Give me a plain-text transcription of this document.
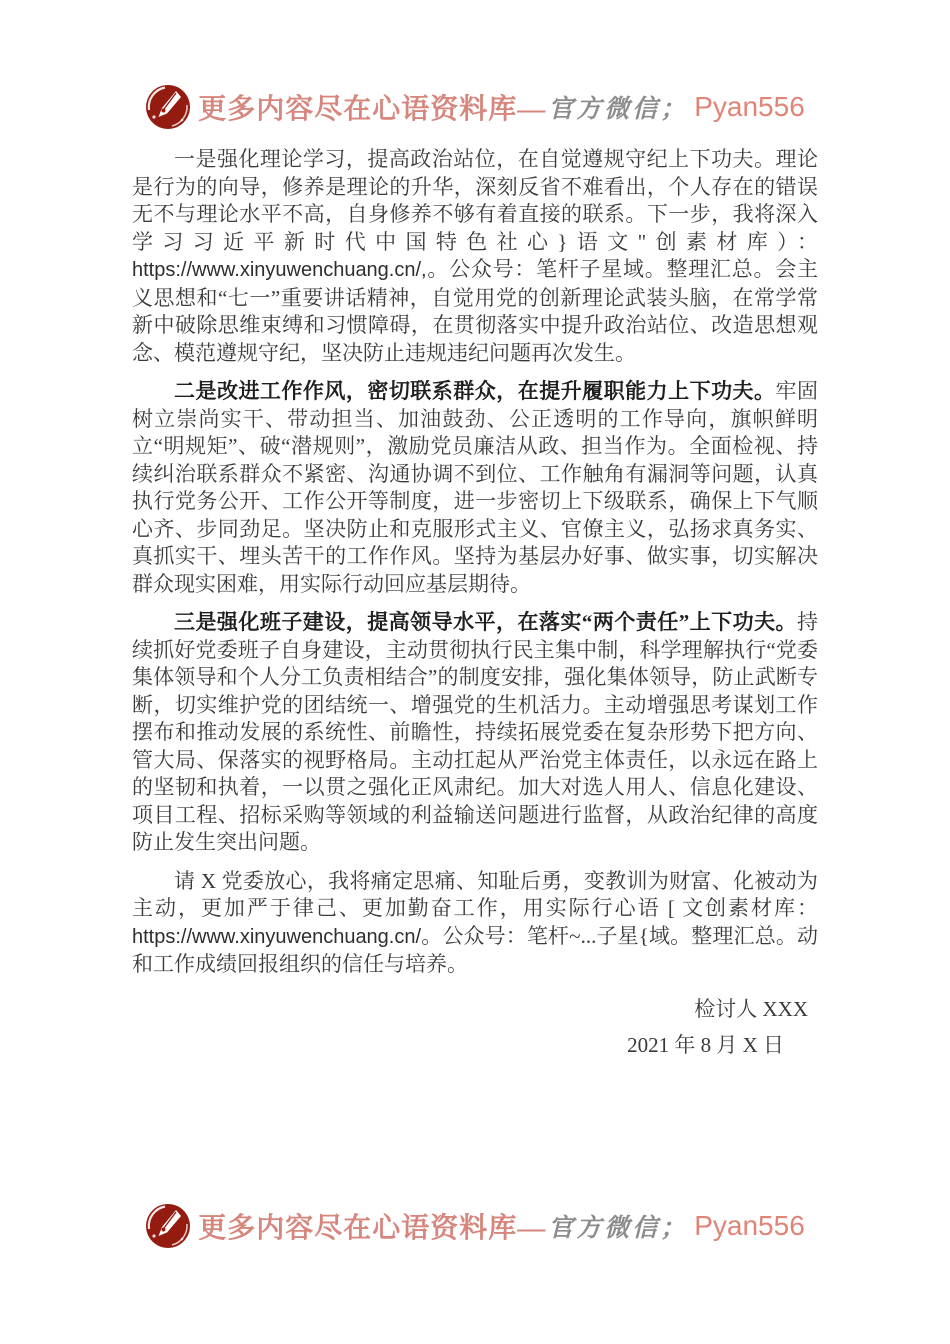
更多内容尽在心语资料库— 官方微信； Pyan556

一是强化理论学习，提高政治站位，在自觉遵规守纪上下功夫。理论是行为的向导，修养是理论的升华，深刻反省不难看出，个人存在的错误无不与理论水平不高，自身修养不够有着直接的联系。下一步，我将深入学习习近平新时代中国特色社心}语文"创素材库）：https://www.xinyuwenchuang.cn/,。公众号：笔杆子星域。整理汇总。会主义思想和“七一”重要讲话精神，自觉用党的创新理论武装头脑，在常学常新中破除思维束缚和习惯障碍，在贯彻落实中提升政治站位、改造思想观念、模范遵规守纪，坚决防止违规违纪问题再次发生。

二是改进工作作风，密切联系群众，在提升履职能力上下功夫。牢固树立崇尚实干、带动担当、加油鼓劲、公正透明的工作导向，旗帜鲜明立“明规矩”、破“潜规则”，激励党员廉洁从政、担当作为。全面检视、持续纠治联系群众不紧密、沟通协调不到位、工作触角有漏洞等问题，认真执行党务公开、工作公开等制度，进一步密切上下级联系，确保上下气顺心齐、步同劲足。坚决防止和克服形式主义、官僚主义，弘扬求真务实、真抓实干、埋头苦干的工作作风。坚持为基层办好事、做实事，切实解决群众现实困难，用实际行动回应基层期待。

三是强化班子建设，提高领导水平，在落实“两个责任”上下功夫。持续抓好党委班子自身建设，主动贯彻执行民主集中制，科学理解执行“党委集体领导和个人分工负责相结合”的制度安排，强化集体领导，防止武断专断，切实维护党的团结统一、增强党的生机活力。主动增强思考谋划工作摆布和推动发展的系统性、前瞻性，持续拓展党委在复杂形势下把方向、管大局、保落实的视野格局。主动扛起从严治党主体责任，以永远在路上的坚韧和执着，一以贯之强化正风肃纪。加大对选人用人、信息化建设、项目工程、招标采购等领域的利益输送问题进行监督，从政治纪律的高度防止发生突出问题。

请 X 党委放心，我将痛定思痛、知耻后勇，变教训为财富、化被动为主动，更加严于律己、更加勤奋工作，用实际行心语 [ 文创素材库：https://www.xinyuwenchuang.cn/。公众号：笔杆~...子星{域。整理汇总。动和工作成绩回报组织的信任与培养。

检讨人 XXX

2021 年 8 月 X 日

更多内容尽在心语资料库— 官方微信； Pyan556
